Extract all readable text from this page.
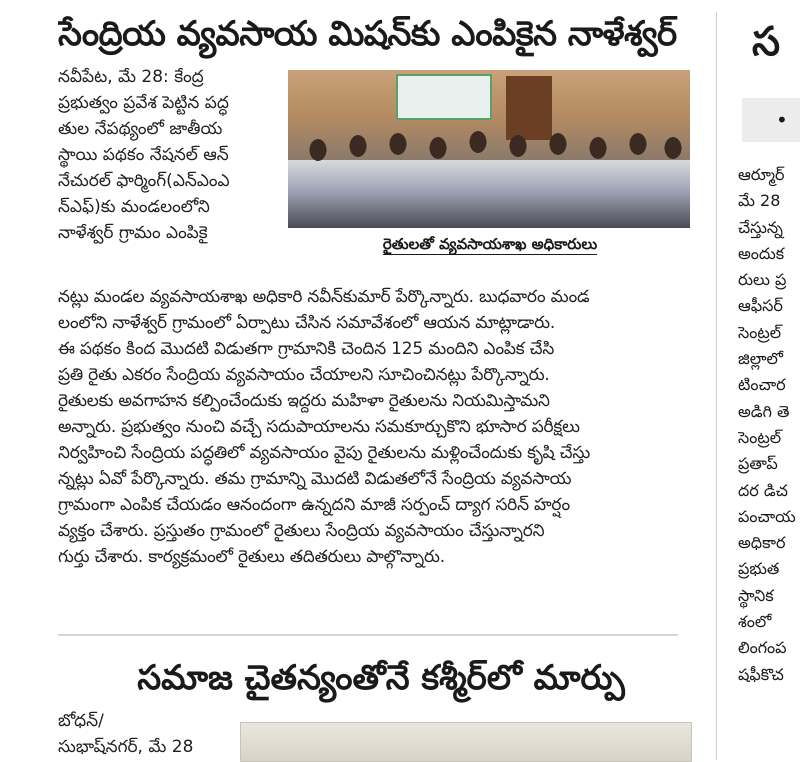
సేంద్రియ వ్యవసాయ మిషన్‌కు ఎంపికైన నాళేశ్వర్

నవీపేట, మే 28: కేంద్ర

ప్రభుత్వం ప్రవేశ పెట్టిన పద్ధ

తుల నేపథ్యంలో జాతీయ

స్థాయి పథకం నేషనల్ ఆన్

నేచురల్ ఫార్మింగ్(ఎన్ఎంఎ

న్ఎఫ్)కు మండలంలోని

నాళేశ్వర్ గ్రామం ఎంపికై

రైతులతో వ్యవసాయశాఖ అధికారులు

నట్లు మండల వ్యవసాయశాఖ అధికారి నవీన్‌కుమార్ పేర్కొన్నారు. బుధవారం మండ

లంలోని నాళేశ్వర్ గ్రామంలో ఏర్పాటు చేసిన సమావేశంలో ఆయన మాట్లాడారు.

ఈ పథకం కింద మొదటి విడుతగా గ్రామానికి చెందిన 125 మందిని ఎంపిక చేసి

ప్రతి రైతు ఎకరం సేంద్రియ వ్యవసాయం చేయాలని సూచించినట్లు పేర్కొన్నారు.

రైతులకు అవగాహన కల్పించేందుకు ఇద్దరు మహిళా రైతులను నియమిస్తామని

అన్నారు. ప్రభుత్వం నుంచి వచ్చే సదుపాయాలను సమకూర్చుకొని భూసార పరీక్షలు

నిర్వహించి సేంద్రియ పద్ధతిలో వ్యవసాయం వైపు రైతులను మళ్లించేందుకు కృషి చేస్తు

న్నట్లు ఏవో పేర్కొన్నారు. తమ గ్రామాన్ని మొదటి విడుతలోనే సేంద్రియ వ్యవసాయ

గ్రామంగా ఎంపిక చేయడం ఆనందంగా ఉన్నదని మాజీ సర్పంచ్ ద్యాగ సరిన్ హర్షం

వ్యక్తం చేశారు. ప్రస్తుతం గ్రామంలో రైతులు సేంద్రియ వ్యవసాయం చేస్తున్నారని

గుర్తు చేశారు. కార్యక్రమంలో రైతులు తదితరులు పాల్గొన్నారు.

సమాజ చైతన్యంతోనే కశ్మీర్‌లో మార్పు

బోధన్/

సుభాష్‌నగర్, మే 28

స
•

ఆర్మూర్

మే 28

చేస్తున్న

అందుక

రులు ప్ర

ఆఫీసర్

సెంట్రల్

జిల్లాలో

టించార

అడిగి తె

సెంట్రల్

ప్రతాప్

దర డిచ

పంచాయ

అధికార

ప్రభుత

స్థానిక

శంలో

లింగంప

షఫీకొచ
